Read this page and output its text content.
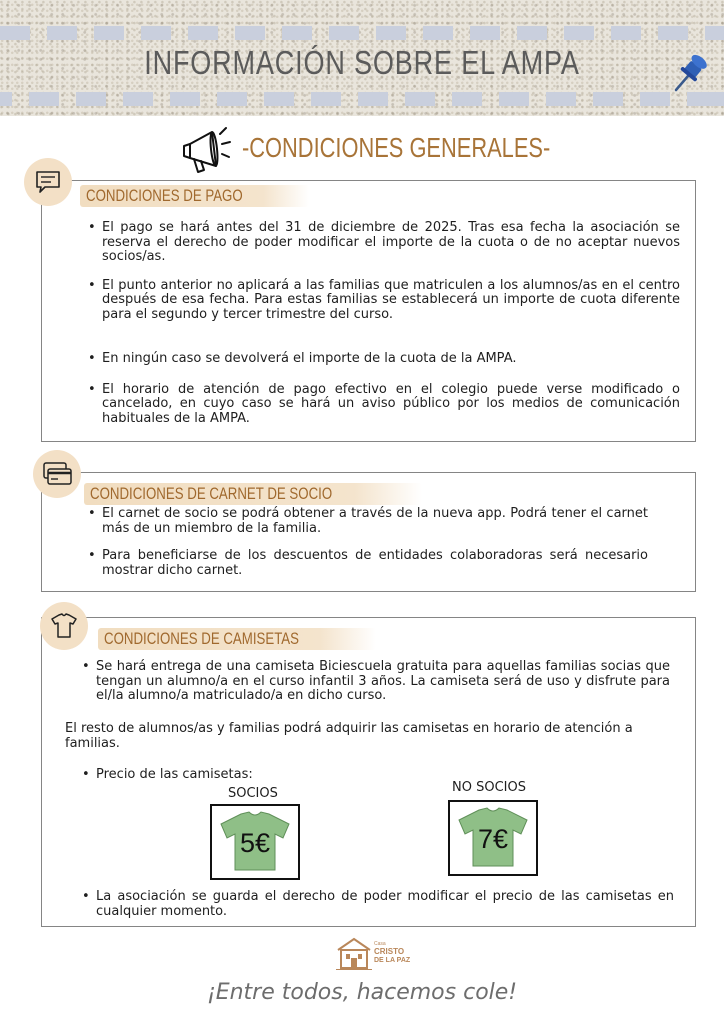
INFORMACIÓN SOBRE EL AMPA
-CONDICIONES GENERALES-
CONDICIONES DE PAGO
• El pago se hará antes del 31 de diciembre de 2025. Tras esa fecha la asociación se reserva el derecho de poder modificar el importe de la cuota o de no aceptar nuevos socios/as.
• El punto anterior no aplicará a las familias que matriculen a los alumnos/as en el centro después de esa fecha. Para estas familias se establecerá un importe de cuota diferente para el segundo y tercer trimestre del curso.
• En ningún caso se devolverá el importe de la cuota de la AMPA.
• El horario de atención de pago efectivo en el colegio puede verse modificado o cancelado, en cuyo caso se hará un aviso público por los medios de comunicación habituales de la AMPA.
CONDICIONES DE CARNET DE SOCIO
• El carnet de socio se podrá obtener a través de la nueva app. Podrá tener el carnet más de un miembro de la familia.
• Para beneficiarse de los descuentos de entidades colaboradoras será necesario mostrar dicho carnet.
CONDICIONES DE CAMISETAS
• Se hará entrega de una camiseta Biciescuela gratuita para aquellas familias socias que tengan un alumno/a en el curso infantil 3 años. La camiseta será de uso y disfrute para el/la alumno/a matriculado/a en dicho curso.
El resto de alumnos/as y familias podrá adquirir las camisetas en horario de atención a familias.
• Precio de las camisetas:
SOCIOS	NO SOCIOS
5€	7€
• La asociación se guarda el derecho de poder modificar el precio de las camisetas en cualquier momento.
Casa
CRISTO
DE LA PAZ
¡Entre todos, hacemos cole!
